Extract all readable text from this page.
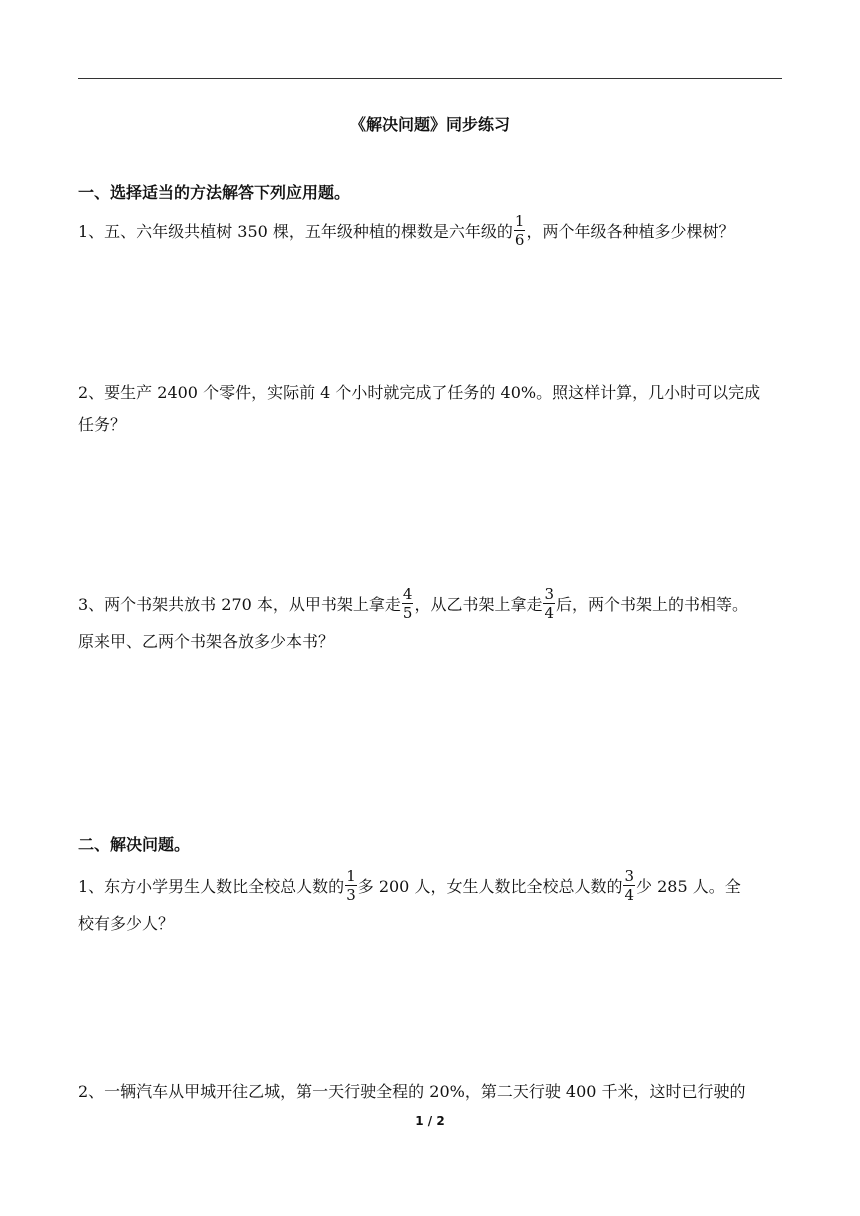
《解决问题》同步练习
一、选择适当的方法解答下列应用题。
1、五、六年级共植树 350 棵，五年级种植的棵数是六年级的 $\frac{1}{6}$ ，两个年级各种植多少棵树？
2、要生产 2400 个零件，实际前 4 个小时就完成了任务的 40%。照这样计算，几小时可以完成
任务？
3、两个书架共放书 270 本，从甲书架上拿走 $\frac{4}{5}$ ，从乙书架上拿走 $\frac{3}{4}$ 后，两个书架上的书相等。
原来甲、乙两个书架各放多少本书？
二、解决问题。
1、东方小学男生人数比全校总人数的 $\frac{1}{3}$ 多 200 人，女生人数比全校总人数的 $\frac{3}{4}$ 少 285 人。全
校有多少人？
2、一辆汽车从甲城开往乙城，第一天行驶全程的 20%，第二天行驶 400 千米，这时已行驶的
1 / 2
